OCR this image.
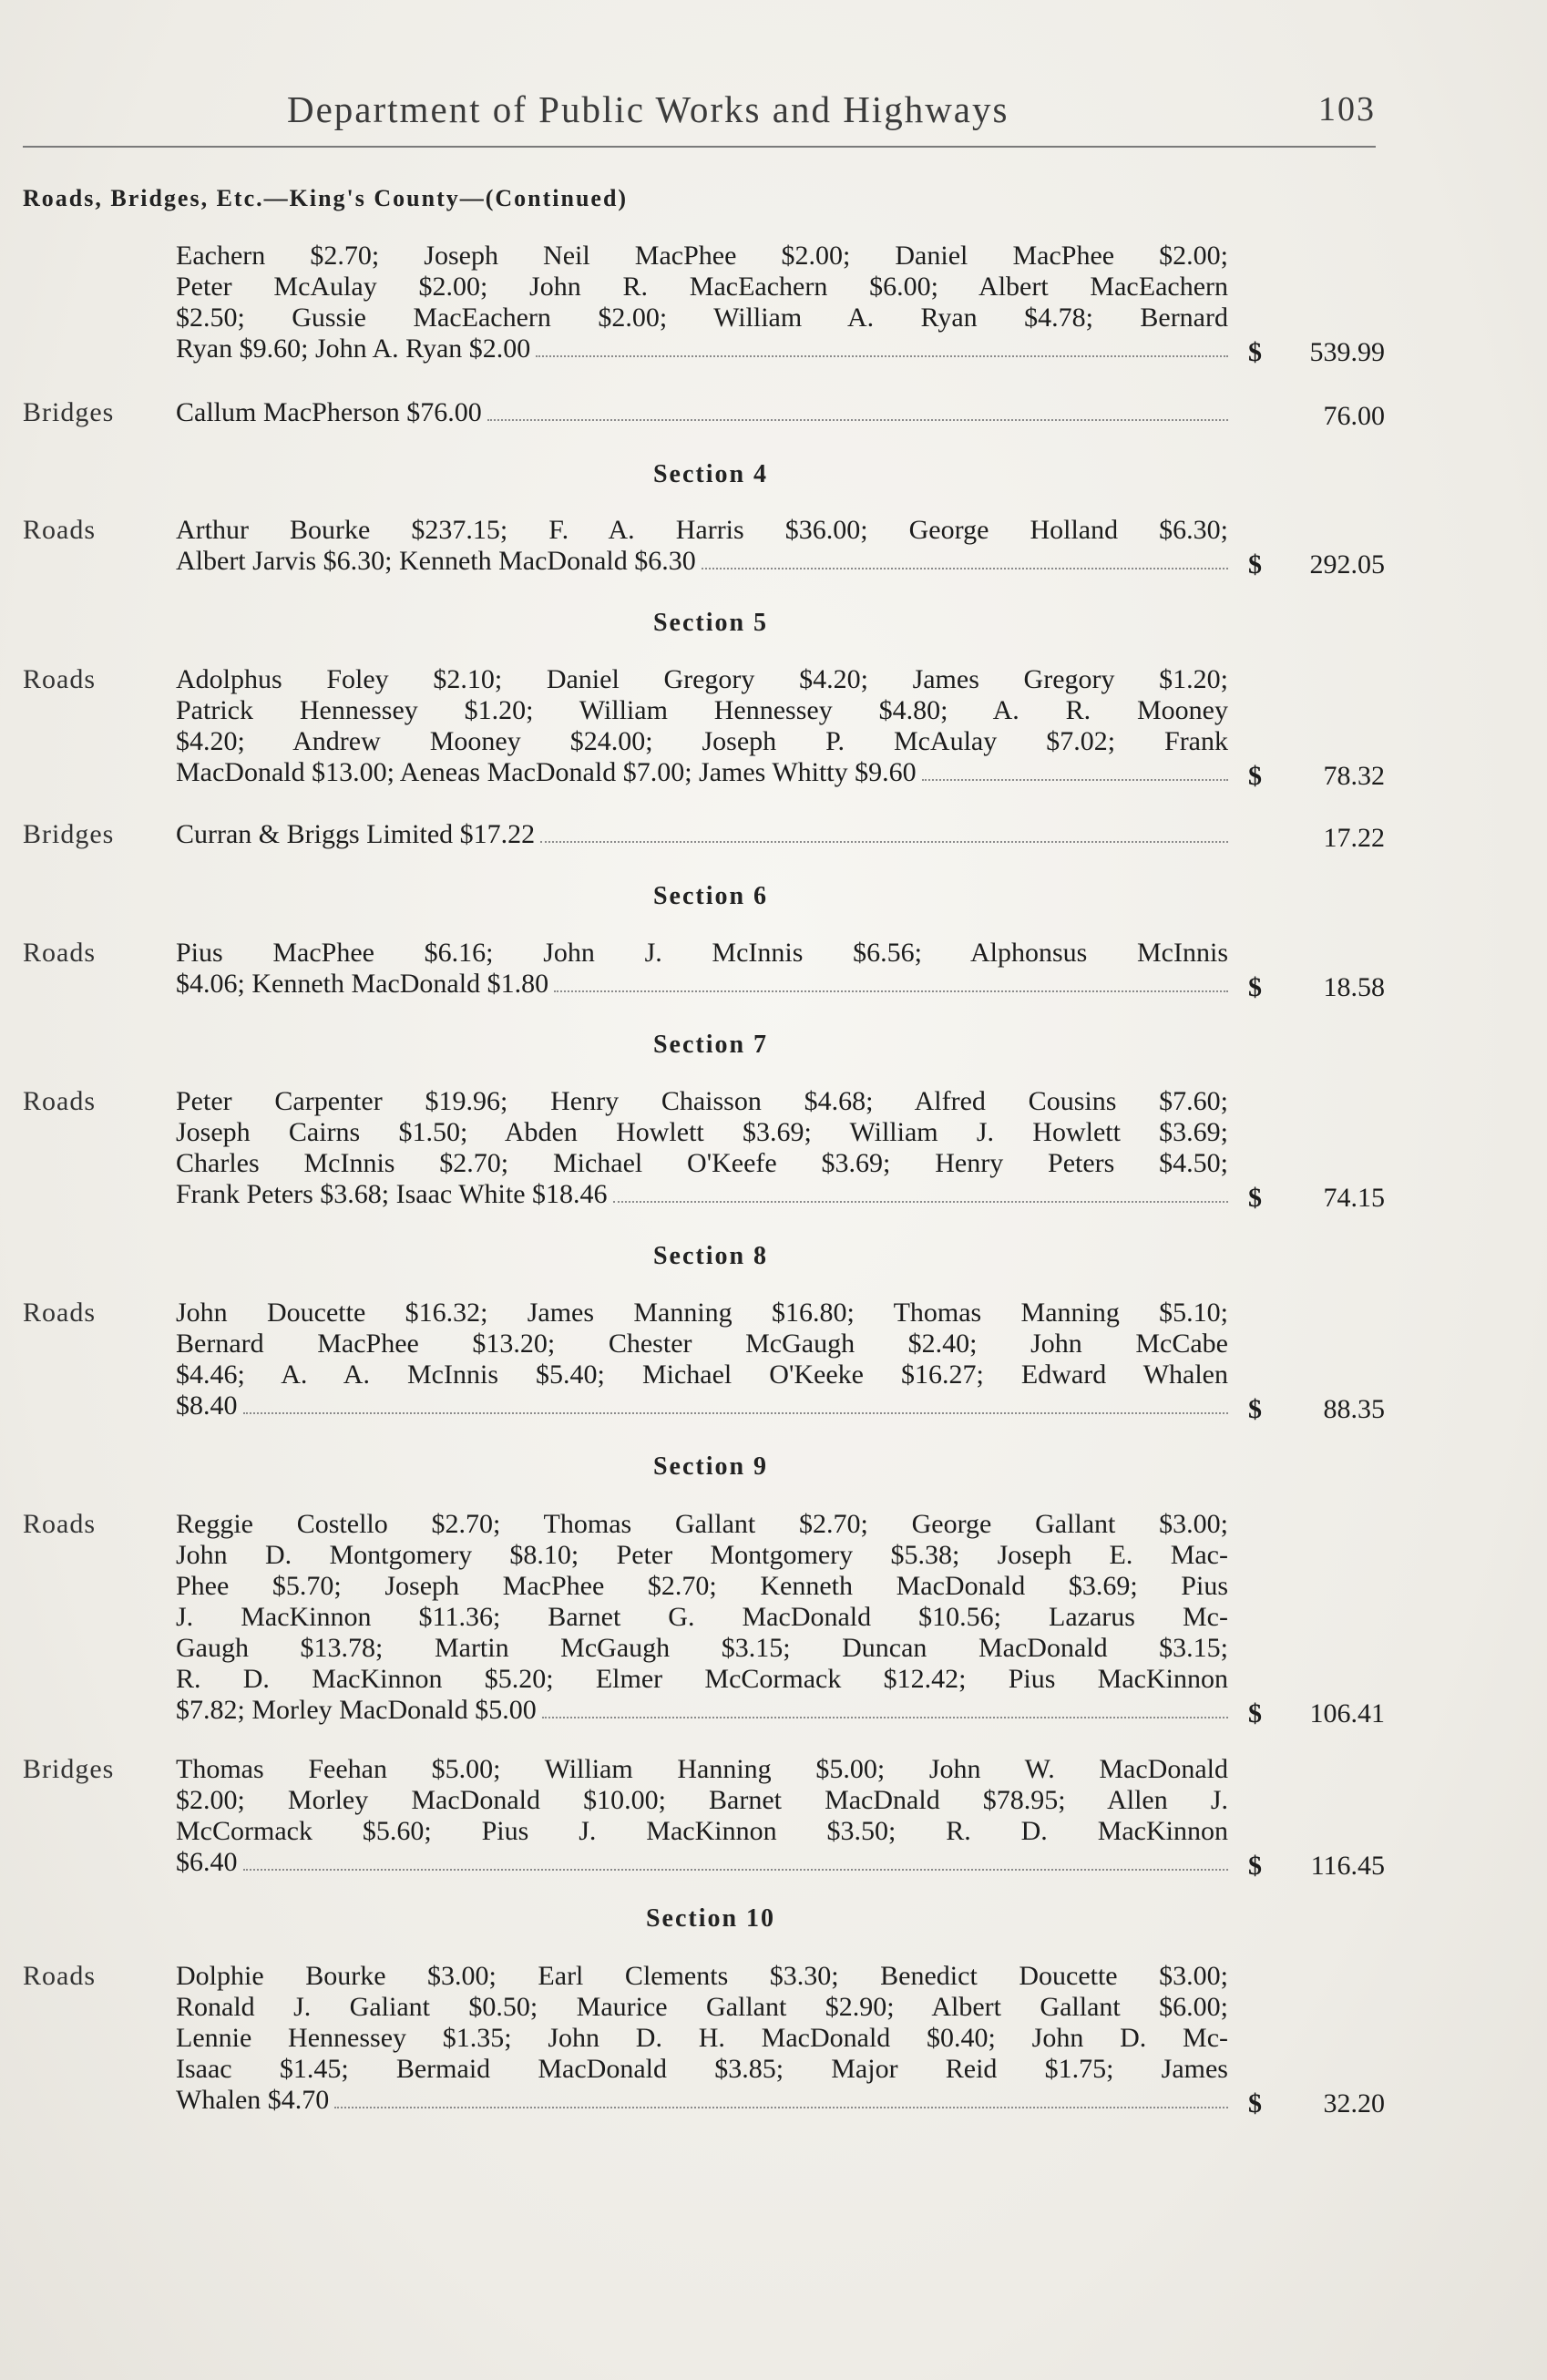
Department of Public Works and Highways	103
Roads, Bridges, Etc.—King's County—(Continued)
Eachern $2.70; Joseph Neil MacPhee $2.00; Daniel MacPhee $2.00;
Peter McAulay $2.00; John R. MacEachern $6.00; Albert MacEachern
$2.50; Gussie MacEachern $2.00; William A. Ryan $4.78; Bernard
Ryan $9.60; John A. Ryan $2.00	$ 539.99
Bridges Callum MacPherson $76.00	76.00
Section 4
Roads	Arthur Bourke $237.15; F. A. Harris $36.00; George Holland $6.30;
Albert Jarvis $6.30; Kenneth MacDonald $6.30	$ 292.05
Section 5
Roads	Adolphus Foley $2.10; Daniel Gregory $4.20; James Gregory $1.20;
Patrick Hennessey $1.20; William Hennessey $4.80; A. R. Mooney
$4.20; Andrew Mooney $24.00; Joseph P. McAulay $7.02; Frank
MacDonald $13.00; Aeneas MacDonald $7.00; James Whitty $9.60	$ 78.32
Bridges Curran & Briggs Limited $17.22	17.22
Section 6
Roads	Pius MacPhee $6.16; John J. McInnis $6.56; Alphonsus McInnis
$4.06; Kenneth MacDonald $1.80	$ 18.58
Section 7
Roads	Peter Carpenter $19.96; Henry Chaisson $4.68; Alfred Cousins $7.60;
Joseph Cairns $1.50; Abden Howlett $3.69; William J. Howlett $3.69;
Charles McInnis $2.70; Michael O'Keefe $3.69; Henry Peters $4.50;
Frank Peters $3.68; Isaac White $18.46	$ 74.15
Section 8
Roads	John Doucette $16.32; James Manning $16.80; Thomas Manning $5.10;
Bernard MacPhee $13.20; Chester McGaugh $2.40; John McCabe
$4.46; A. A. McInnis $5.40; Michael O'Keeke $16.27; Edward Whalen
$8.40	$ 88.35
Section 9
Roads	Reggie Costello $2.70; Thomas Gallant $2.70; George Gallant $3.00;
John D. Montgomery $8.10; Peter Montgomery $5.38; Joseph E. Mac-
Phee $5.70; Joseph MacPhee $2.70; Kenneth MacDonald $3.69; Pius
J. MacKinnon $11.36; Barnet G. MacDonald $10.56; Lazarus Mc-
Gaugh $13.78; Martin McGaugh $3.15; Duncan MacDonald $3.15;
R. D. MacKinnon $5.20; Elmer McCormack $12.42; Pius MacKinnon
$7.82; Morley MacDonald $5.00	$ 106.41
Bridges Thomas Feehan $5.00; William Hanning $5.00; John W. MacDonald
$2.00; Morley MacDonald $10.00; Barnet MacDnald $78.95; Allen J.
McCormack $5.60; Pius J. MacKinnon $3.50; R. D. MacKinnon
$6.40	$ 116.45
Section 10
Roads	Dolphie Bourke $3.00; Earl Clements $3.30; Benedict Doucette $3.00;
Ronald J. Galiant $0.50; Maurice Gallant $2.90; Albert Gallant $6.00;
Lennie Hennessey $1.35; John D. H. MacDonald $0.40; John D. Mc-
Isaac $1.45; Bermaid MacDonald $3.85; Major Reid $1.75; James
Whalen $4.70	$ 32.20
